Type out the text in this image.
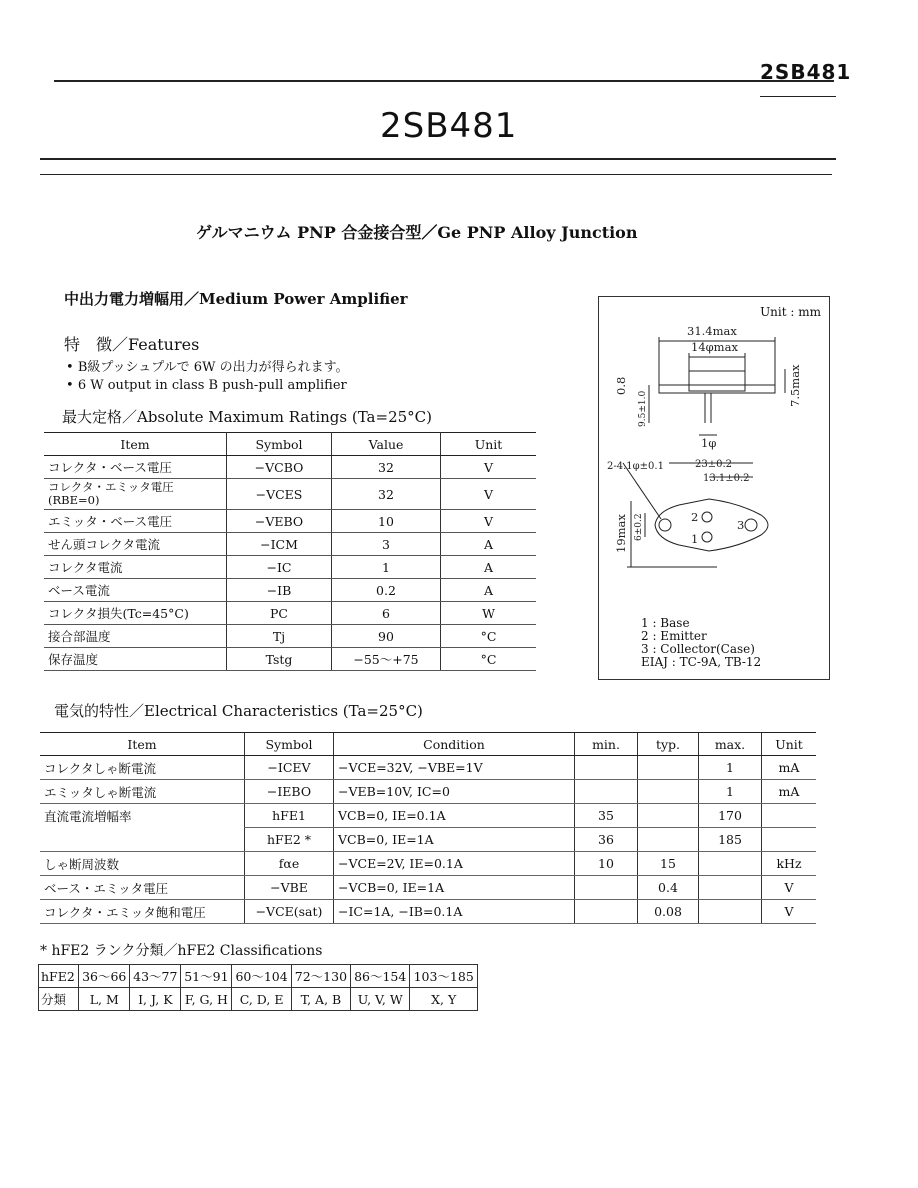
2SB481
2SB481
ゲルマニウム PNP 合金接合型／Ge PNP Alloy Junction
中出力電力増幅用／Medium Power Amplifier
特　徴／Features
• B級プッシュプルで 6W の出力が得られます。
• 6 W output in class B push-pull amplifier
最大定格／Absolute Maximum Ratings (Ta=25°C)
Item	Symbol	Value	Unit
コレクタ・ベース電圧	−VCBO	32	V
コレクタ・エミッタ電圧 (RBE=0)	−VCES	32	V
エミッタ・ベース電圧	−VEBO	10	V
せん頭コレクタ電流	−ICM	3	A
コレクタ電流	−IC	1	A
ベース電流	−IB	0.2	A
コレクタ損失(Tc=45°C)	PC	6	W
接合部温度	Tj	90	°C
保存温度	Tstg	−55～+75	°C
Unit : mm
31.4max
14φmax
7.5max
0.8
9.5±1.0
1φ
2-4.1φ±0.1	23±0.2
13.1±0.2
19max 6±0.2	2
1
3
1 : Base
2 : Emitter
3 : Collector(Case)
EIAJ : TC-9A, TB-12
電気的特性／Electrical Characteristics (Ta=25°C)
Item	Symbol	Condition	min.	typ.	max.	Unit
コレクタしゃ断電流	−ICEV	−VCE=32V, −VBE=1V			1	mA
エミッタしゃ断電流	−IEBO	−VEB=10V, IC=0			1	mA
直流電流増幅率	hFE1	VCB=0, IE=0.1A	35		170	
	hFE2 *	VCB=0, IE=1A	36		185	
しゃ断周波数	fαe	−VCE=2V, IE=0.1A	10	15		kHz
ベース・エミッタ電圧	−VBE	−VCB=0, IE=1A		0.4		V
コレクタ・エミッタ飽和電圧	−VCE(sat)	−IC=1A, −IB=0.1A		0.08		V
* hFE2 ランク分類／hFE2 Classifications
hFE2	36～66	43～77	51～91	60～104	72～130	86～154	103～185
分類	L, M	I, J, K	F, G, H	C, D, E	T, A, B	U, V, W	X, Y
